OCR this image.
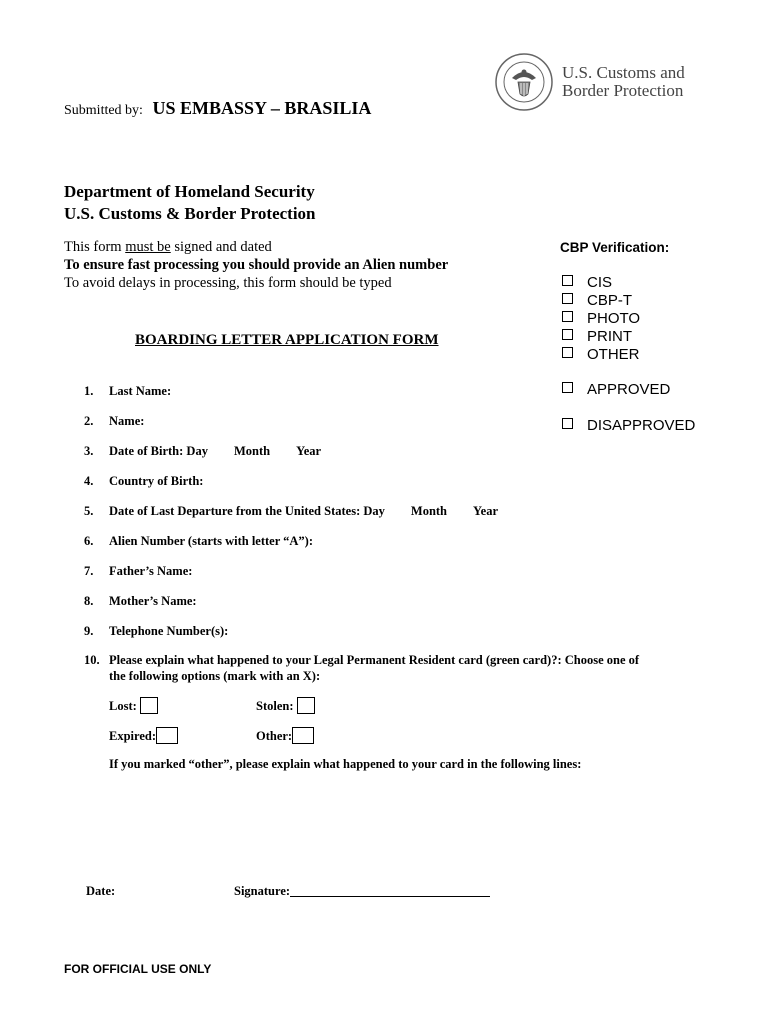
Submitted by: US EMBASSY – BRASILIA
U.S. Customs and
Border Protection
Department of Homeland Security
U.S. Customs & Border Protection
This form must be signed and dated
To ensure fast processing you should provide an Alien number
To avoid delays in processing, this form should be typed
BOARDING LETTER APPLICATION FORM
1. Last Name:
2. Name:
3. Date of Birth: Day Month Year
4. Country of Birth:
5. Date of Last Departure from the United States: Day Month Year
6. Alien Number (starts with letter “A”):
7. Father’s Name:
8. Mother’s Name:
9. Telephone Number(s):
10. Please explain what happened to your Legal Permanent Resident card (green card)?: Choose one of
the following options (mark with an X):
Lost:	Stolen:
Expired:	Other:
If you marked “other”, please explain what happened to your card in the following lines:
Date:	Signature:
FOR OFFICIAL USE ONLY
CBP Verification:
CIS
CBP-T
PHOTO
PRINT
OTHER
APPROVED
DISAPPROVED
